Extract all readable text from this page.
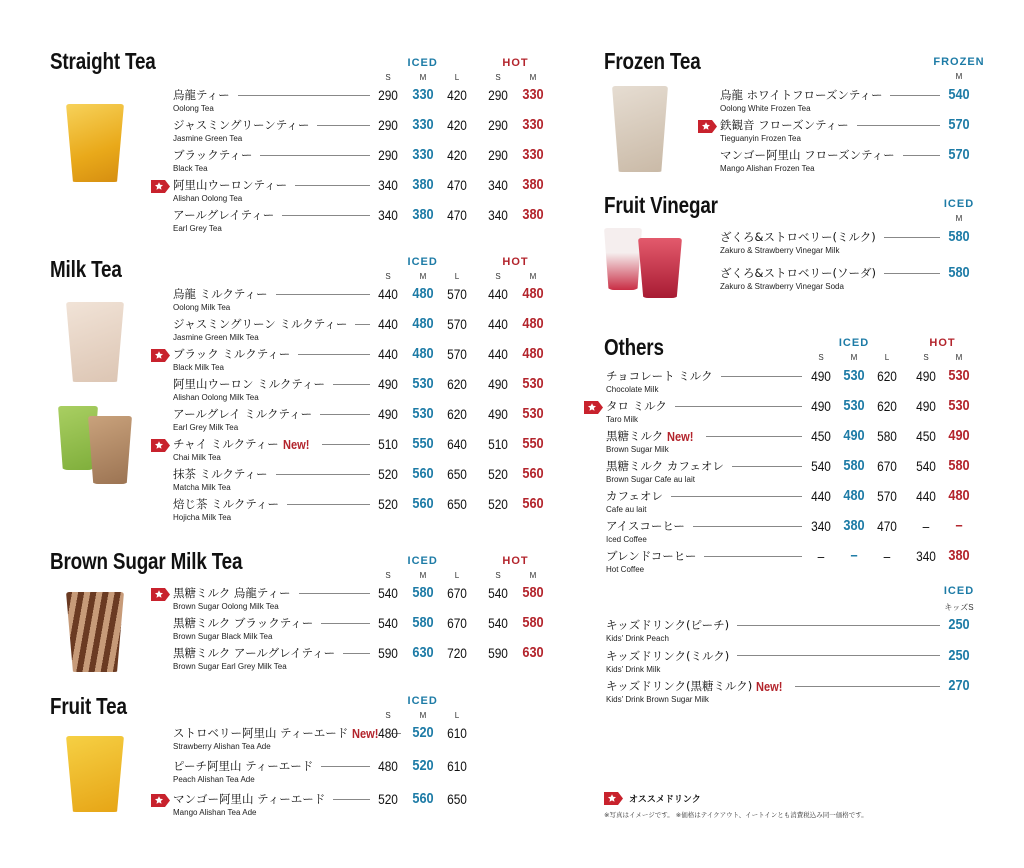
Straight Tea	ICED
S	M	L
HOT
S	M
烏龍ティー
Oolong Tea
290 330 420 290 330
ジャスミングリーンティー
Jasmine Green Tea
290 330 420 290 330
ブラックティー
Black Tea
290 330 420 290 330
阿里山ウーロンティー
Alishan Oolong Tea
340 380 470 340 380
アールグレイティー
Earl Grey Tea
340 380 470 340 380
Milk Tea	ICED
S	M	L
HOT
S	M
烏龍 ミルクティー
Oolong Milk Tea
440 480 570 440 480
ジャスミングリーン ミルクティー
Jasmine Green Milk Tea
440 480 570 440 480
ブラック ミルクティー
Black Milk Tea
440 480 570 440 480
阿里山ウーロン ミルクティー
Alishan Oolong Milk Tea
490 530 620 490 530
アールグレイ ミルクティー
Earl Grey Milk Tea
490 530 620 490 530
チャイ ミルクティー New!
Chai Milk Tea
510 550 640 510 550
抹茶 ミルクティー
Matcha Milk Tea
520 560 650 520 560
焙じ茶 ミルクティー
Hojicha Milk Tea
520 560 650 520 560
Brown Sugar Milk Tea	ICED
S	M	L
HOT
S	M
黒糖ミルク 烏龍ティー
Brown Sugar Oolong Milk Tea
540 580 670 540 580
黒糖ミルク ブラックティー
Brown Sugar Black Milk Tea
540 580 670 540 580
黒糖ミルク アールグレイティー
Brown Sugar Earl Grey Milk Tea
590 630 720 590 630
Fruit Tea	ICED
S	M	L
ストロベリー阿里山 ティーエード New!
Strawberry Alishan Tea Ade
480 520 610
ピーチ阿里山 ティーエード
Peach Alishan Tea Ade
480 520 610
マンゴー阿里山 ティーエード
Mango Alishan Tea Ade
520 560 650
Frozen Tea	FROZEN
M
烏龍 ホワイトフローズンティー
Oolong White Frozen Tea
540
鉄観音 フローズンティー
Tieguanyin Frozen Tea
570
マンゴー阿里山 フローズンティー
Mango Alishan Frozen Tea
570
Fruit Vinegar	ICED
M
ざくろ&ストロベリー(ミルク)
Zakuro & Strawberry Vinegar Milk
580
ざくろ&ストロベリー(ソーダ)
Zakuro & Strawberry Vinegar Soda
580
Others	ICED
S	M	L
HOT
S	M
チョコレート ミルク
Chocolate Milk
490 530 620 490 530
タロ ミルク
Taro Milk
490 530 620 490 530
黒糖ミルク New!
Brown Sugar Milk
450 490 580 450 490
黒糖ミルク カフェオレ
Brown Sugar Cafe au lait
540 580 670 540 580
カフェオレ
Cafe au lait
440 480 570 440 480
アイスコーヒー
Iced Coffee
340 380 470 – –
ブレンドコーヒー
Hot Coffee
– – – 340 380
ICED
キッズS
キッズドリンク(ピーチ)
Kids' Drink Peach
250
キッズドリンク(ミルク)
Kids' Drink Milk
250
キッズドリンク(黒糖ミルク) New!
Kids' Drink Brown Sugar Milk
270
オススメドリンク
※写真はイメージです。 ※価格はテイクアウト、イートインとも消費税込み同一価格です。
